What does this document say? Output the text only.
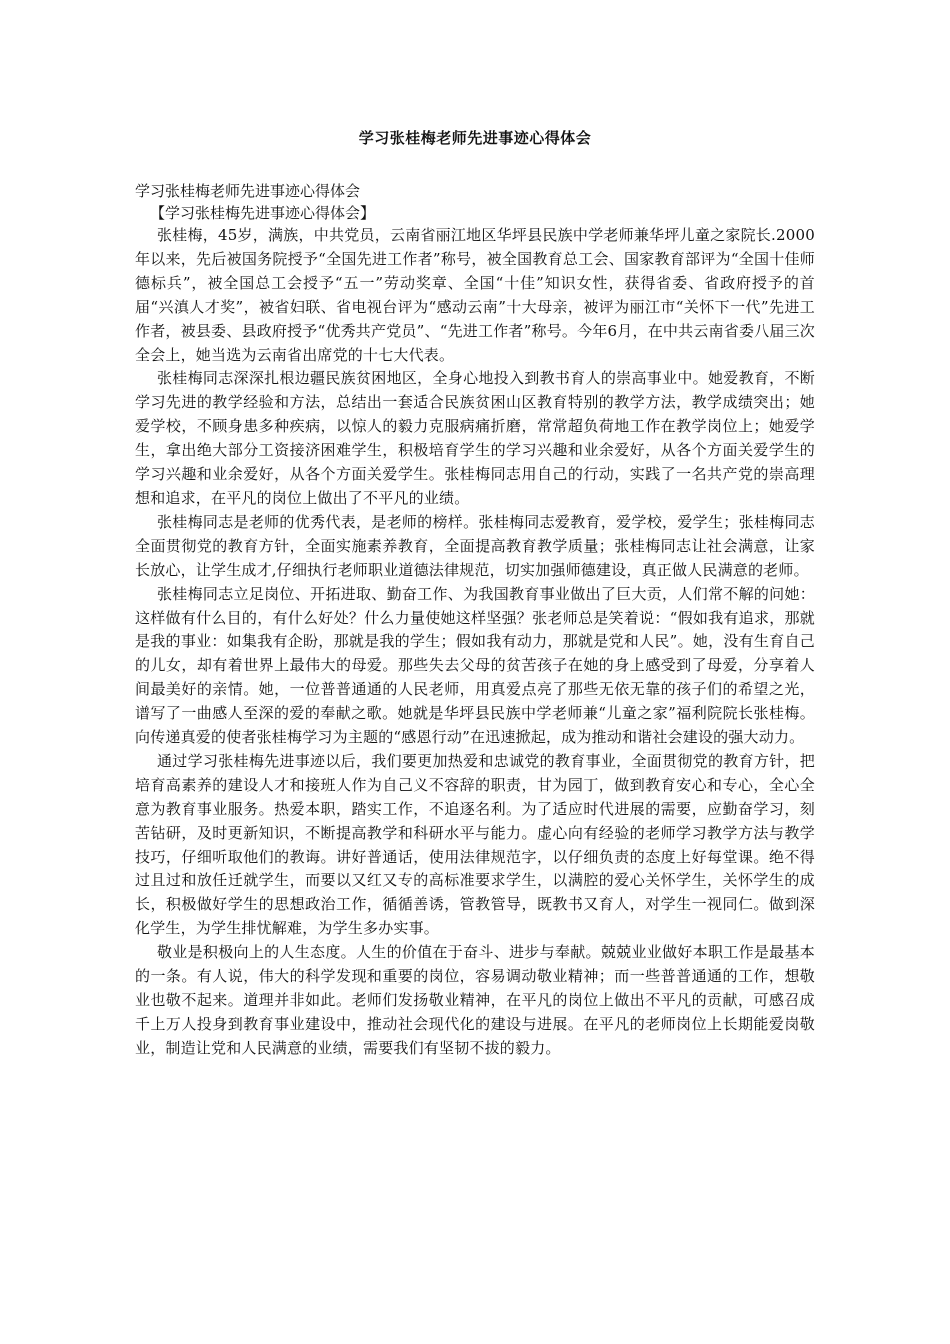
学习张桂梅老师先进事迹心得体会

学习张桂梅老师先进事迹心得体会

【学习张桂梅先进事迹心得体会】

张桂梅，45岁，满族，中共党员，云南省丽江地区华坪县民族中学老师兼华坪儿童之家院长.2000年以来，先后被国务院授予“全国先进工作者”称号，被全国教育总工会、国家教育部评为“全国十佳师德标兵”，被全国总工会授予“五一”劳动奖章、全国“十佳”知识女性，获得省委、省政府授予的首届“兴滇人才奖”，被省妇联、省电视台评为“感动云南”十大母亲，被评为丽江市“关怀下一代”先进工作者，被县委、县政府授予“优秀共产党员”、“先进工作者”称号。今年6月，在中共云南省委八届三次全会上，她当选为云南省出席党的十七大代表。

张桂梅同志深深扎根边疆民族贫困地区，全身心地投入到教书育人的崇高事业中。她爱教育，不断学习先进的教学经验和方法，总结出一套适合民族贫困山区教育特别的教学方法，教学成绩突出；她爱学校，不顾身患多种疾病，以惊人的毅力克服病痛折磨，常常超负荷地工作在教学岗位上；她爱学生，拿出绝大部分工资接济困难学生，积极培育学生的学习兴趣和业余爱好，从各个方面关爱学生的学习兴趣和业余爱好，从各个方面关爱学生。张桂梅同志用自己的行动，实践了一名共产党的崇高理想和追求，在平凡的岗位上做出了不平凡的业绩。

张桂梅同志是老师的优秀代表，是老师的榜样。张桂梅同志爱教育，爱学校，爱学生；张桂梅同志全面贯彻党的教育方针，全面实施素养教育，全面提高教育教学质量；张桂梅同志让社会满意，让家长放心，让学生成才,仔细执行老师职业道德法律规范，切实加强师德建设，真正做人民满意的老师。

张桂梅同志立足岗位、开拓进取、勤奋工作、为我国教育事业做出了巨大贡，人们常不解的问她：这样做有什么目的，有什么好处？什么力量使她这样坚强？张老师总是笑着说：“假如我有追求，那就是我的事业：如集我有企盼，那就是我的学生；假如我有动力，那就是党和人民”。她，没有生育自己的儿女，却有着世界上最伟大的母爱。那些失去父母的贫苦孩子在她的身上感受到了母爱，分享着人间最美好的亲情。她，一位普普通通的人民老师，用真爱点亮了那些无依无靠的孩子们的希望之光，谱写了一曲感人至深的爱的奉献之歌。她就是华坪县民族中学老师兼“儿童之家”福利院院长张桂梅。向传递真爱的使者张桂梅学习为主题的“感恩行动”在迅速掀起，成为推动和谐社会建设的强大动力。

通过学习张桂梅先进事迹以后，我们要更加热爱和忠诚党的教育事业，全面贯彻党的教育方针，把培育高素养的建设人才和接班人作为自己义不容辞的职责，甘为园丁，做到教育安心和专心，全心全意为教育事业服务。热爱本职，踏实工作，不追逐名利。为了适应时代进展的需要，应勤奋学习，刻苦钻研，及时更新知识，不断提高教学和科研水平与能力。虚心向有经验的老师学习教学方法与教学技巧，仔细听取他们的教诲。讲好普通话，使用法律规范字，以仔细负责的态度上好每堂课。绝不得过且过和放任迁就学生，而要以又红又专的高标准要求学生，以满腔的爱心关怀学生，关怀学生的成长，积极做好学生的思想政治工作，循循善诱，管教管导，既教书又育人，对学生一视同仁。做到深化学生，为学生排忧解难，为学生多办实事。

敬业是积极向上的人生态度。人生的价值在于奋斗、进步与奉献。兢兢业业做好本职工作是最基本的一条。有人说，伟大的科学发现和重要的岗位，容易调动敬业精神；而一些普普通通的工作，想敬业也敬不起来。道理并非如此。老师们发扬敬业精神，在平凡的岗位上做出不平凡的贡献，可感召成千上万人投身到教育事业建设中，推动社会现代化的建设与进展。在平凡的老师岗位上长期能爱岗敬业，制造让党和人民满意的业绩，需要我们有坚韧不拔的毅力。
